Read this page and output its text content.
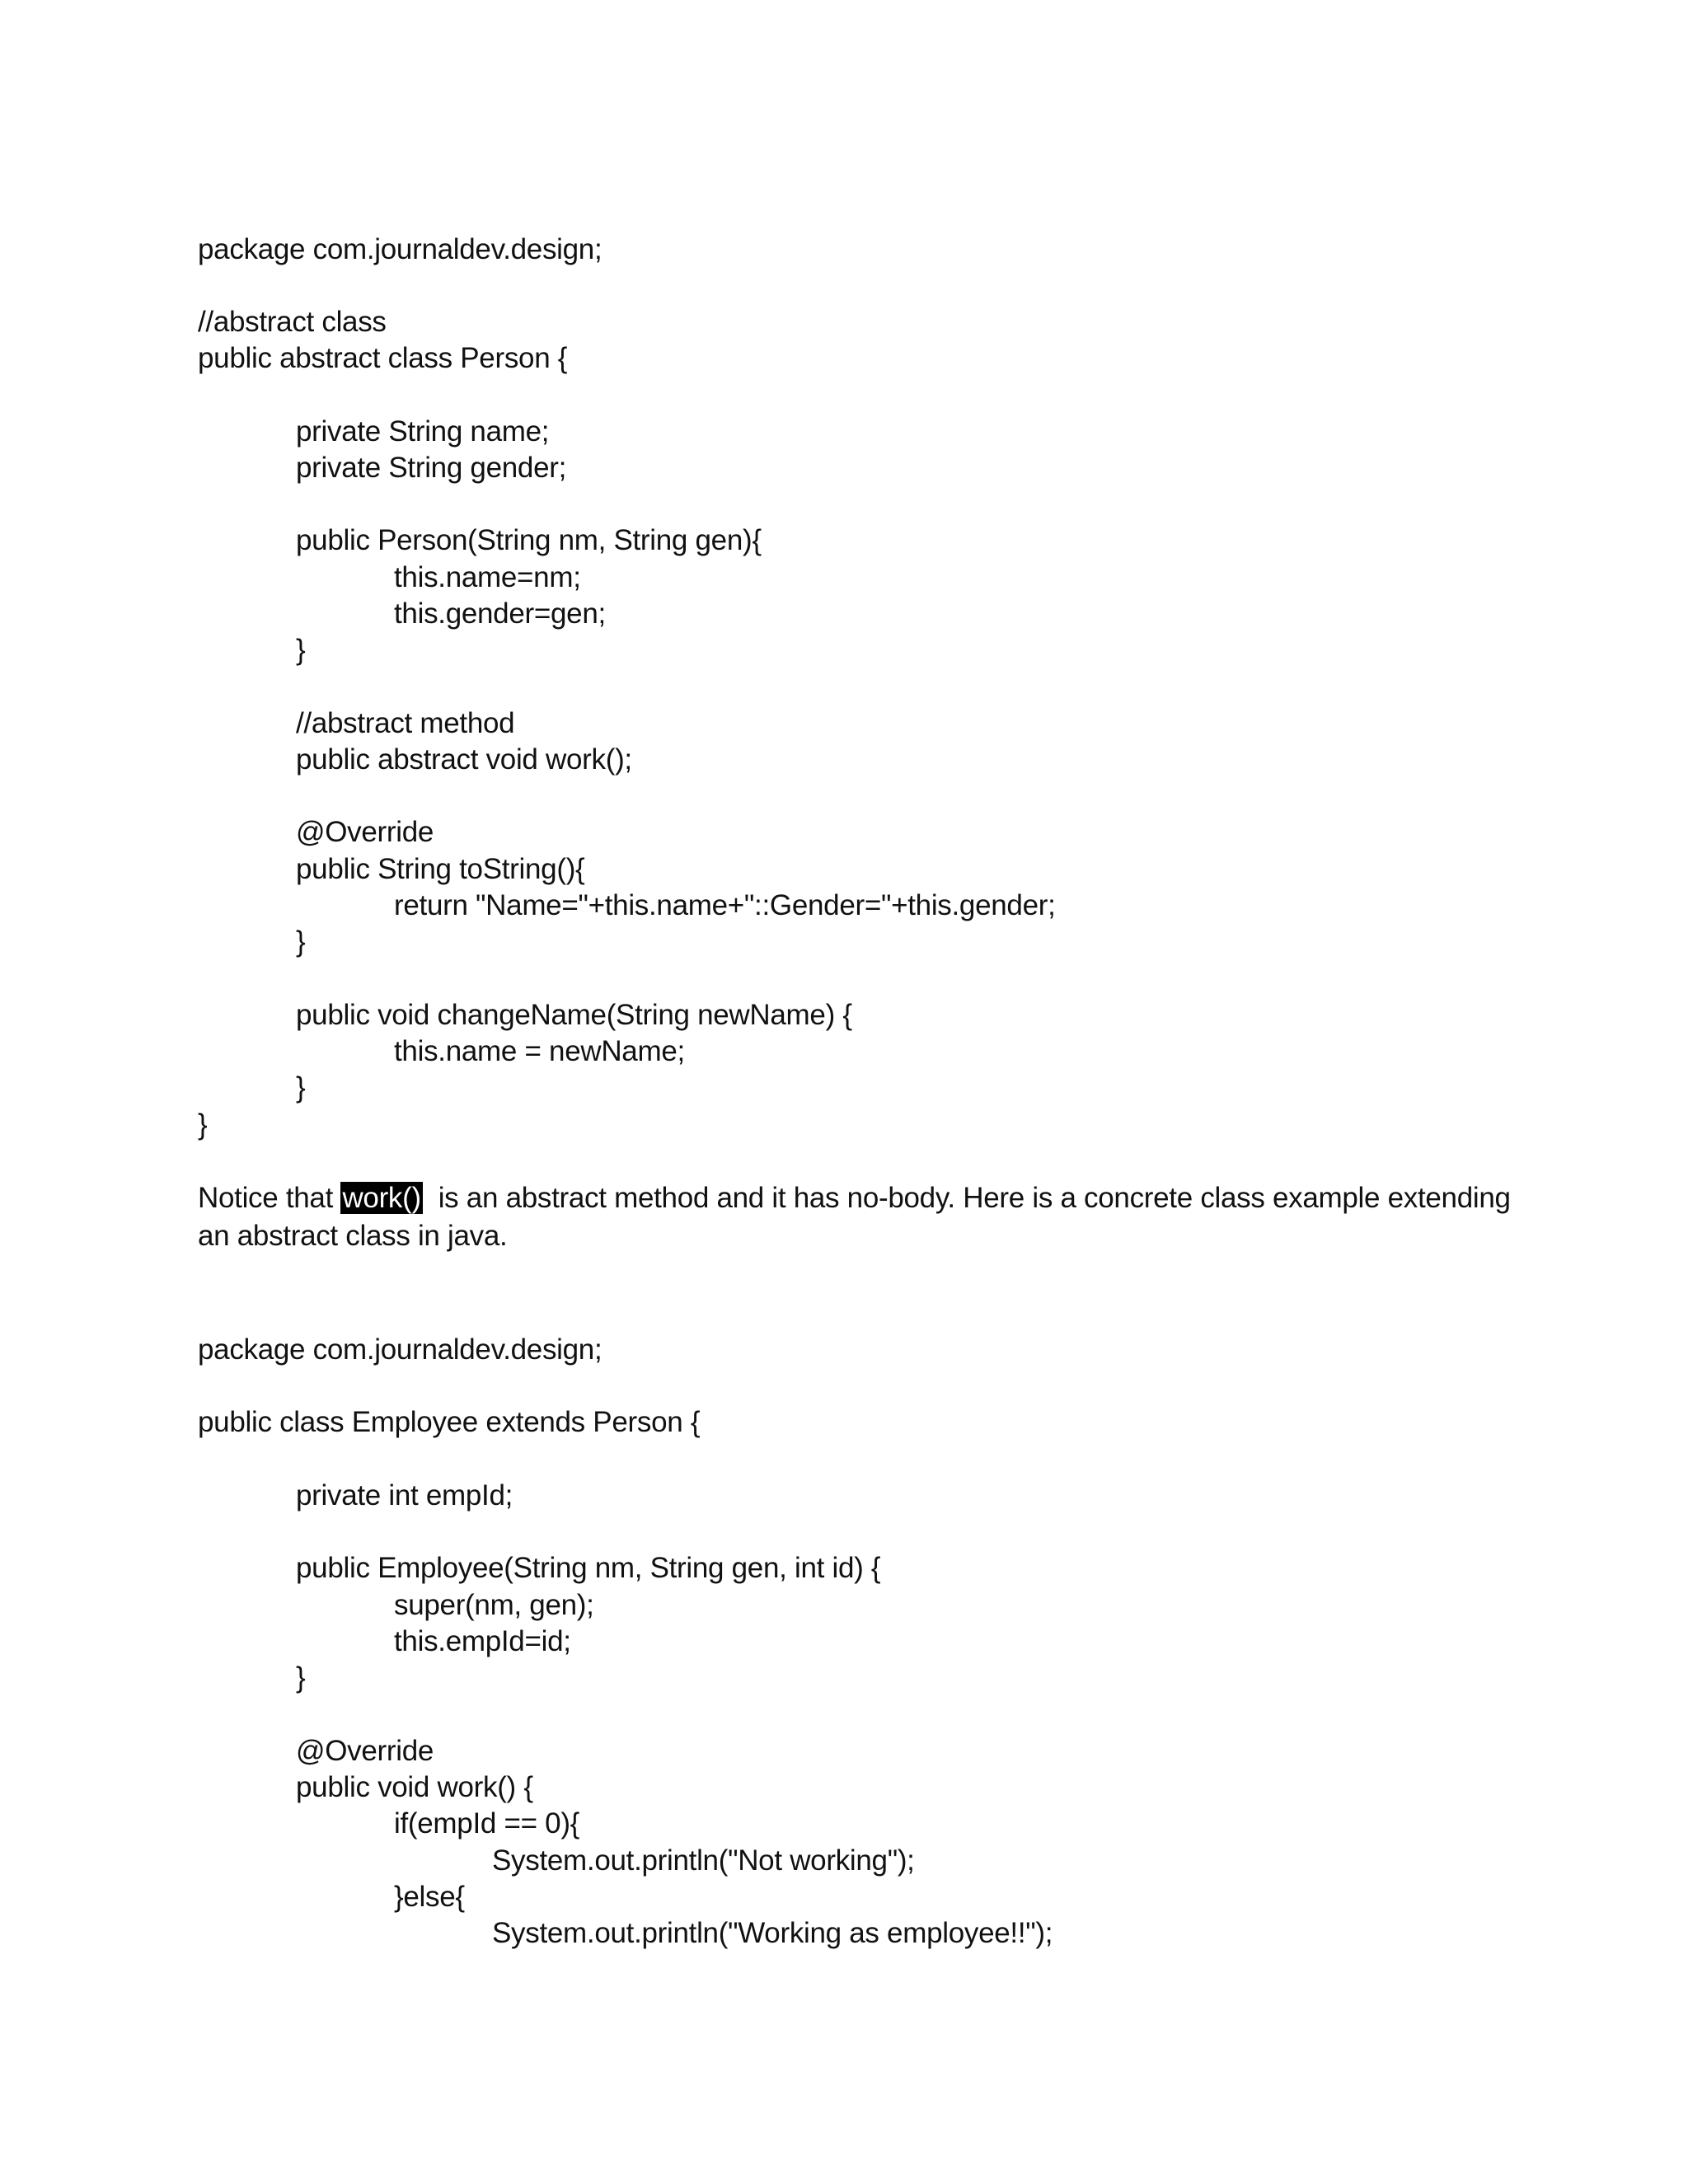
package com.journaldev.design;
//abstract class
public abstract class Person {
private String name;
private String gender;
public Person(String nm, String gen){
this.name=nm;
this.gender=gen;
}
//abstract method
public abstract void work();
@Override
public String toString(){
return "Name="+this.name+"::Gender="+this.gender;
}
public void changeName(String newName) {
this.name = newName;
}
}
Notice that work()  is an abstract method and it has no-body. Here is a concrete class example extending
an abstract class in java.
package com.journaldev.design;
public class Employee extends Person {
private int empId;
public Employee(String nm, String gen, int id) {
super(nm, gen);
this.empId=id;
}
@Override
public void work() {
if(empId == 0){
System.out.println("Not working");
}else{
System.out.println("Working as employee!!");
